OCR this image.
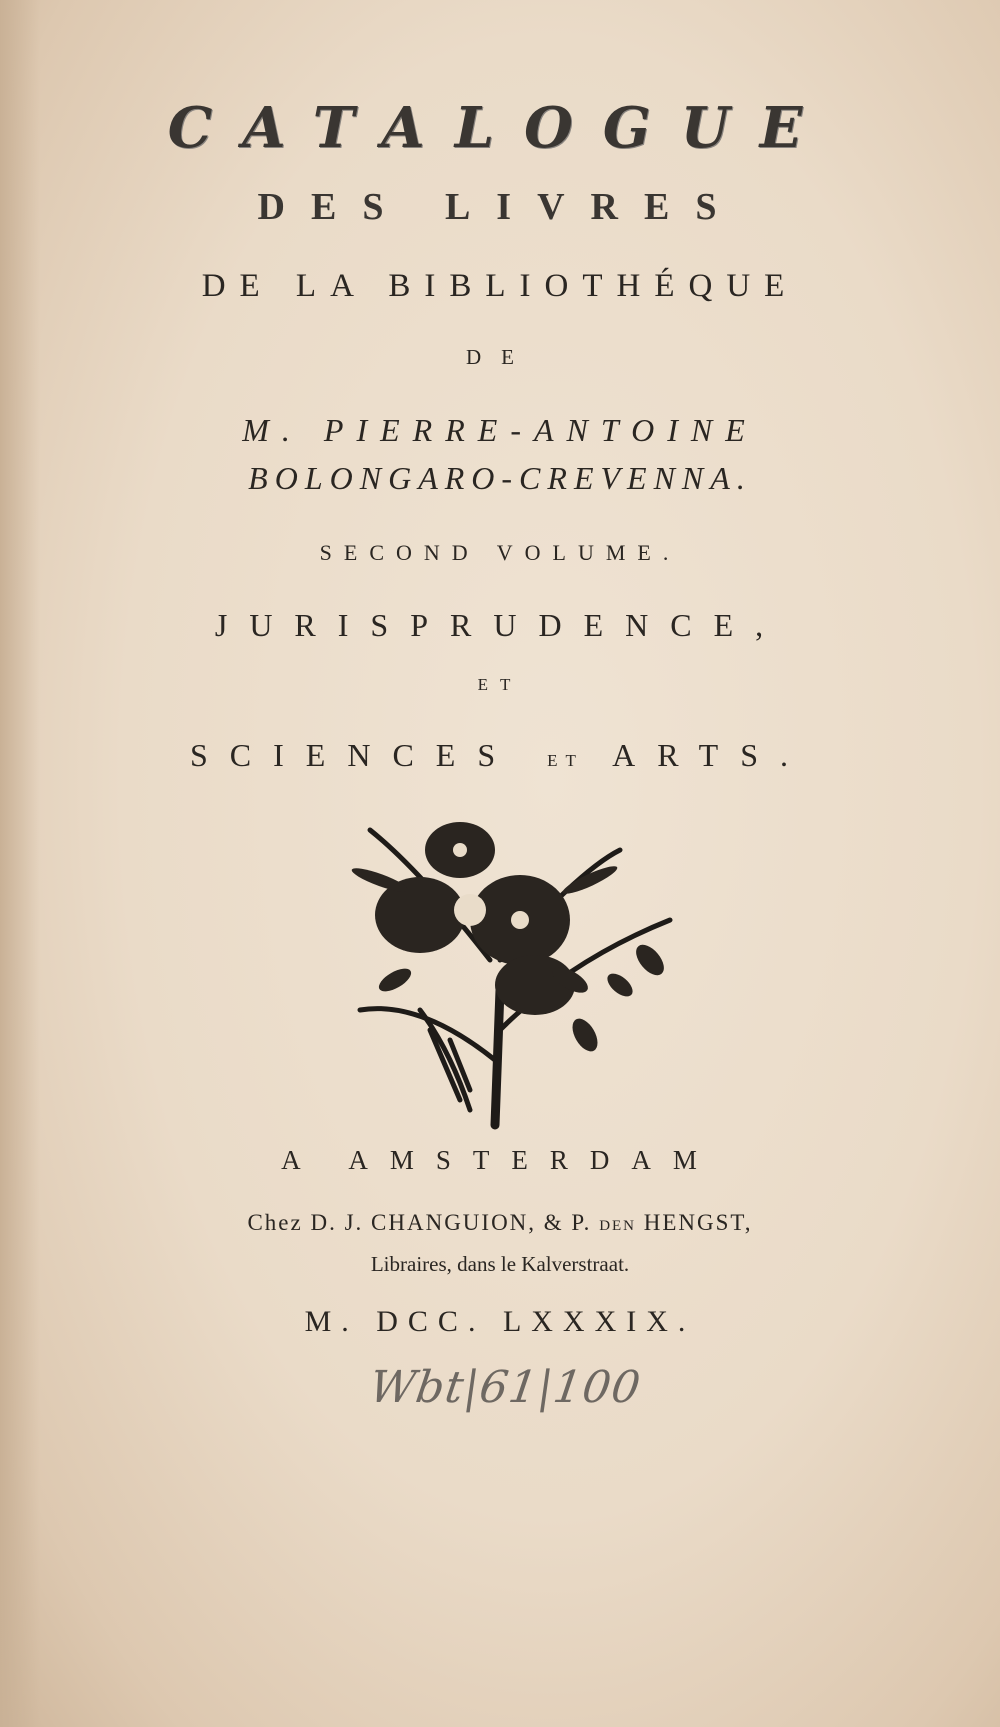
CATALOGUE
DES LIVRES
DE LA BIBLIOTHÉQUE
DE
M. PIERRE-ANTOINE
BOLONGARO-CREVENNA.
SECOND VOLUME.
JURISPRUDENCE,
ET
SCIENCES ET ARTS.
A AMSTERDAM
Chez D. J. CHANGUION, & P. DEN HENGST,
Libraires, dans le Kalverstraat.
M. DCC. LXXXIX.
Wbt|61|100
